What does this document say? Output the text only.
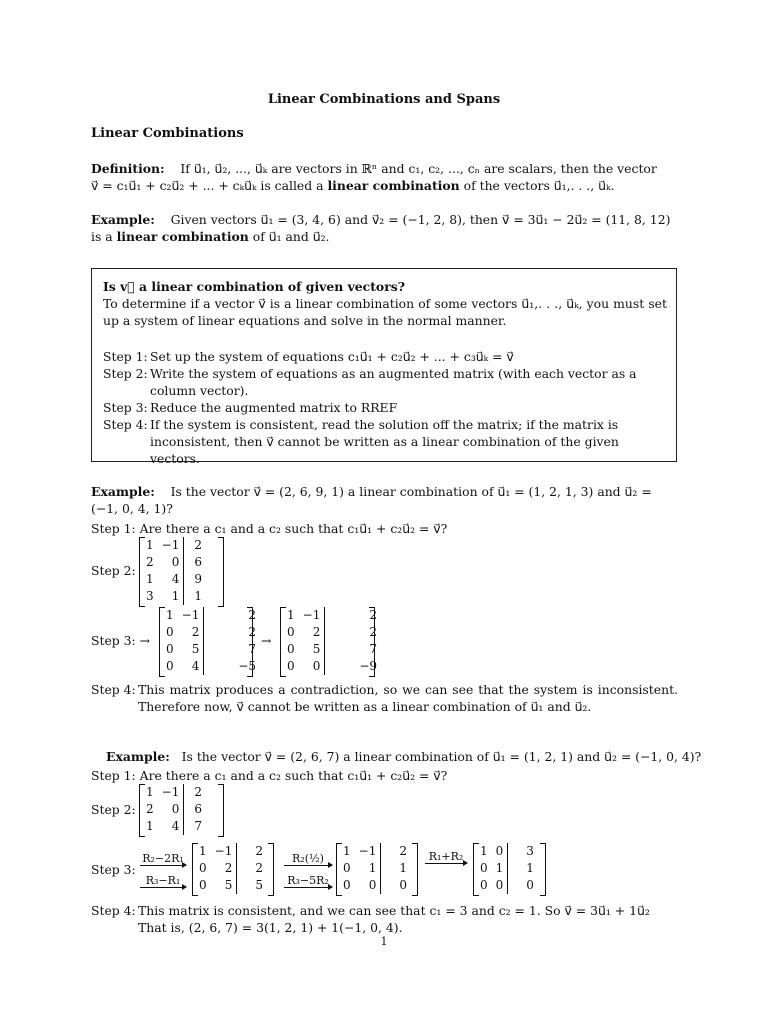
Linear Combinations and Spans
Linear Combinations
Definition: If u⃗₁, u⃗₂, ..., u⃗ₖ are vectors in ℝⁿ and c₁, c₂, ..., cₙ are scalars, then the vector
v⃗ = c₁u⃗₁ + c₂u⃗₂ + ... + cₖu⃗ₖ is called a linear combination of the vectors u⃗₁,. . ., u⃗ₖ.
Example: Given vectors u⃗₁ = (3, 4, 6) and v⃗₂ = (−1, 2, 8), then v⃗ = 3u⃗₁ − 2u⃗₂ = (11, 8, 12)
is a linear combination of u⃗₁ and u⃗₂.
Is v⃗ a linear combination of given vectors?
To determine if a vector v⃗ is a linear combination of some vectors u⃗₁,. . ., u⃗ₖ, you must set up a system of linear equations and solve in the normal manner.
Step 1: Set up the system of equations c₁u⃗₁ + c₂u⃗₂ + ... + c₃u⃗ₖ = v⃗
Step 2: Write the system of equations as an augmented matrix (with each vector as a column vector).
Step 3: Reduce the augmented matrix to RREF
Step 4: If the system is consistent, read the solution off the matrix; if the matrix is inconsistent, then v⃗ cannot be written as a linear combination of the given vectors.
Example: Is the vector v⃗ = (2, 6, 9, 1) a linear combination of u⃗₁ = (1, 2, 1, 3) and u⃗₂ =
(−1, 0, 4, 1)?
Step 1: Are there a c₁ and a c₂ such that c₁u⃗₁ + c₂u⃗₂ = v⃗?
Step 2:
1	−1	2
2	0	6
1	4	9
3	1	1
Step 3: →
1	−1	2
0	2	2
0	5	7
0	4	−5
→
1	−1	2
0	2	2
0	5	7
0	0	−9
Step 4: This matrix produces a contradiction, so we can see that the system is inconsistent. Therefore now, v⃗ cannot be written as a linear combination of u⃗₁ and u⃗₂.
Example: Is the vector v⃗ = (2, 6, 7) a linear combination of u⃗₁ = (1, 2, 1) and u⃗₂ = (−1, 0, 4)?
Step 1: Are there a c₁ and a c₂ such that c₁u⃗₁ + c₂u⃗₂ = v⃗?
Step 2:
1	−1	2
2	0	6
1	4	7
Step 3:
R₂−2R₁
R₃−R₁
1	−1	2
0	2	2
0	5	5
R₂(½)
R₃−5R₂
1	−1	2
0	1	1
0	0	0
R₁+R₂	1	0	3
0	1	1
0	0	0
Step 4: This matrix is consistent, and we can see that c₁ = 3 and c₂ = 1. So v⃗ = 3u⃗₁ + 1u⃗₂
That is, (2, 6, 7) = 3(1, 2, 1) + 1(−1, 0, 4).
1
